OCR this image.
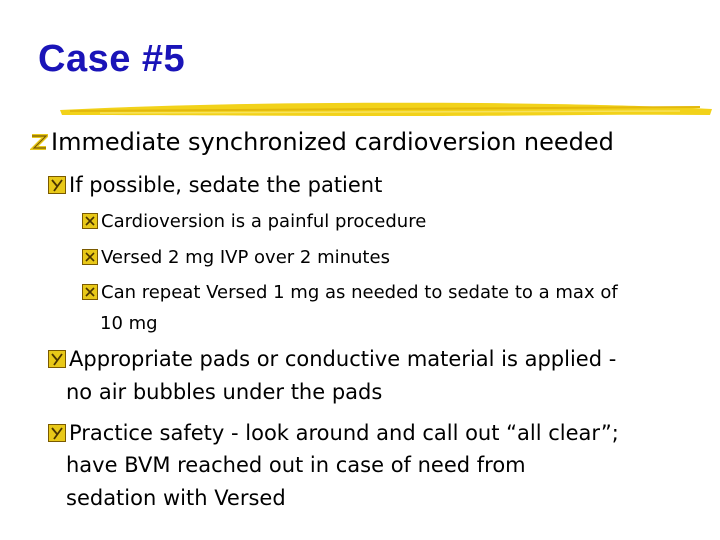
Case #5
Immediate synchronized cardioversion needed
If possible, sedate the patient
Cardioversion is a painful procedure
Versed 2 mg IVP over 2 minutes
Can repeat Versed 1 mg as needed to sedate to a max of
10 mg
Appropriate pads or conductive material is applied -
no air bubbles under the pads
Practice safety - look around and call out “all clear”;
have BVM reached out in case of need from
sedation with Versed
